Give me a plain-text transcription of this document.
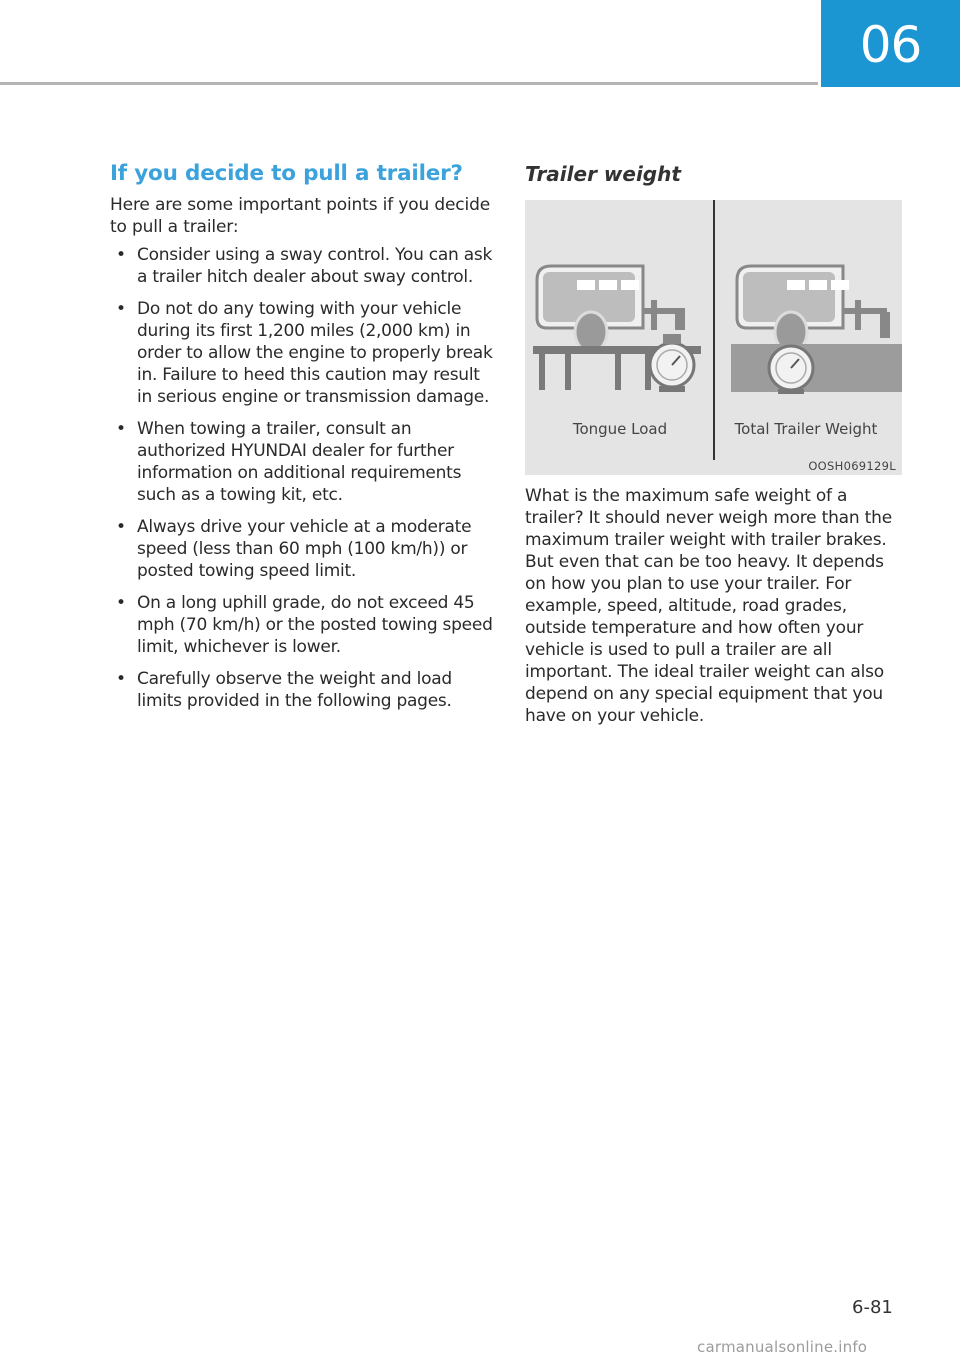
06
If you decide to pull a trailer?

Here are some important points if you decide to pull a trailer:

• Consider using a sway control. You can ask a trailer hitch dealer about sway control.
• Do not do any towing with your vehicle during its first 1,200 miles (2,000 km) in order to allow the engine to properly break in. Failure to heed this caution may result in serious engine or transmission damage.
• When towing a trailer, consult an authorized HYUNDAI dealer for further information on additional requirements such as a towing kit, etc.
• Always drive your vehicle at a moderate speed (less than 60 mph (100 km/h)) or posted towing speed limit.
• On a long uphill grade, do not exceed 45 mph (70 km/h) or the posted towing speed limit, whichever is lower.
• Carefully observe the weight and load limits provided in the following pages.
Trailer weight
Tongue Load	Total Trailer Weight
OOSH069129L

What is the maximum safe weight of a trailer? It should never weigh more than the maximum trailer weight with trailer brakes. But even that can be too heavy. It depends on how you plan to use your trailer. For example, speed, altitude, road grades, outside temperature and how often your vehicle is used to pull a trailer are all important. The ideal trailer weight can also depend on any special equipment that you have on your vehicle.

6-81
carmanualsonline.info
